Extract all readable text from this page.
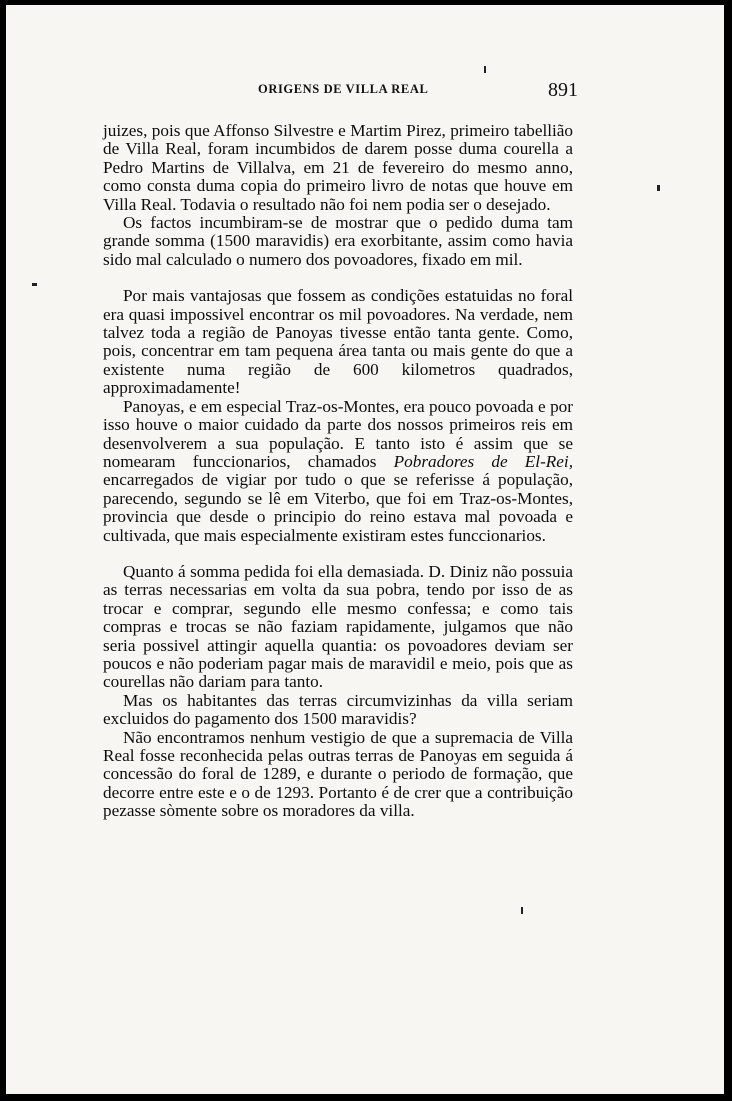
ORIGENS DE VILLA REAL	891

juizes, pois que Affonso Silvestre e Martim Pirez, primeiro tabellião de Villa Real, foram incumbidos de darem posse duma courella a Pedro Martins de Villalva, em 21 de fevereiro do mesmo anno, como consta duma copia do primeiro livro de notas que houve em Villa Real. Todavia o resultado não foi nem podia ser o desejado.

Os factos incumbiram-se de mostrar que o pedido duma tam grande somma (1500 maravidis) era exorbitante, assim como havia sido mal calculado o numero dos povoadores, fixado em mil.

Por mais vantajosas que fossem as condições estatuidas no foral era quasi impossivel encontrar os mil povoadores. Na verdade, nem talvez toda a região de Panoyas tivesse então tanta gente. Como, pois, concentrar em tam pequena área tanta ou mais gente do que a existente numa região de 600 kilometros quadrados, approximadamente!

Panoyas, e em especial Traz-os-Montes, era pouco povoada e por isso houve o maior cuidado da parte dos nossos primeiros reis em desenvolverem a sua população. E tanto isto é assim que se nomearam funccionarios, chamados Pobradores de El-Rei, encarregados de vigiar por tudo o que se referisse á população, parecendo, segundo se lê em Viterbo, que foi em Traz-os-Montes, provincia que desde o principio do reino estava mal povoada e cultivada, que mais especialmente existiram estes funccionarios.

Quanto á somma pedida foi ella demasiada. D. Diniz não possuia as terras necessarias em volta da sua pobra, tendo por isso de as trocar e comprar, segundo elle mesmo confessa; e como tais compras e trocas se não faziam rapidamente, julgamos que não seria possivel attingir aquella quantia: os povoadores deviam ser poucos e não poderiam pagar mais de maravidil e meio, pois que as courellas não dariam para tanto.

Mas os habitantes das terras circumvizinhas da villa seriam excluidos do pagamento dos 1500 maravidis?

Não encontramos nenhum vestigio de que a supremacia de Villa Real fosse reconhecida pelas outras terras de Panoyas em seguida á concessão do foral de 1289, e durante o periodo de formação, que decorre entre este e o de 1293. Portanto é de crer que a contribuição pezasse sòmente sobre os moradores da villa.
